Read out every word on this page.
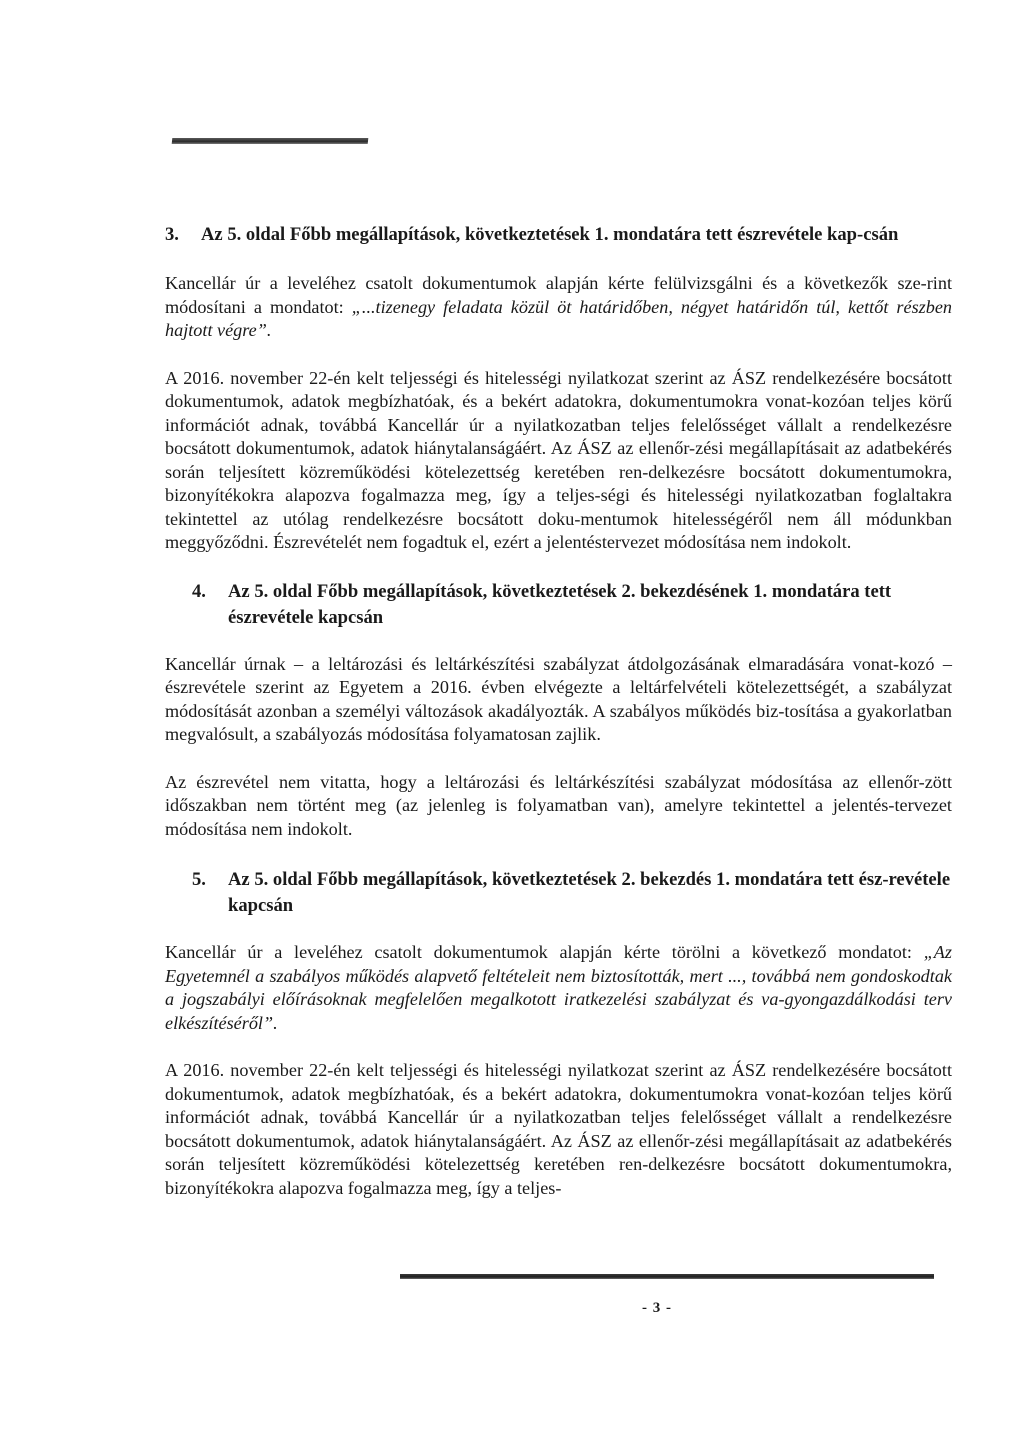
3.	Az 5. oldal Főbb megállapítások, következtetések 1. mondatára tett észrevétele kap-csán

Kancellár úr a leveléhez csatolt dokumentumok alapján kérte felülvizsgálni és a következők sze-rint módosítani a mondatot: „...tizenegy feladata közül öt határidőben, négyet határidőn túl, kettőt részben hajtott végre”.

A 2016. november 22-én kelt teljességi és hitelességi nyilatkozat szerint az ÁSZ rendelkezésére bocsátott dokumentumok, adatok megbízhatóak, és a bekért adatokra, dokumentumokra vonat-kozóan teljes körű információt adnak, továbbá Kancellár úr a nyilatkozatban teljes felelősséget vállalt a rendelkezésre bocsátott dokumentumok, adatok hiánytalanságáért. Az ÁSZ az ellenőr-zési megállapításait az adatbekérés során teljesített közreműködési kötelezettség keretében ren-delkezésre bocsátott dokumentumokra, bizonyítékokra alapozva fogalmazza meg, így a teljes-ségi és hitelességi nyilatkozatban foglaltakra tekintettel az utólag rendelkezésre bocsátott doku-mentumok hitelességéről nem áll módunkban meggyőződni. Észrevételét nem fogadtuk el, ezért a jelentéstervezet módosítása nem indokolt.

4.	Az 5. oldal Főbb megállapítások, következtetések 2. bekezdésének 1. mondatára tett észrevétele kapcsán

Kancellár úrnak – a leltározási és leltárkészítési szabályzat átdolgozásának elmaradására vonat-kozó – észrevétele szerint az Egyetem a 2016. évben elvégezte a leltárfelvételi kötelezettségét, a szabályzat módosítását azonban a személyi változások akadályozták. A szabályos működés biz-tosítása a gyakorlatban megvalósult, a szabályozás módosítása folyamatosan zajlik.

Az észrevétel nem vitatta, hogy a leltározási és leltárkészítési szabályzat módosítása az ellenőr-zött időszakban nem történt meg (az jelenleg is folyamatban van), amelyre tekintettel a jelentés-tervezet módosítása nem indokolt.

5.	Az 5. oldal Főbb megállapítások, következtetések 2. bekezdés 1. mondatára tett ész-revétele kapcsán

Kancellár úr a leveléhez csatolt dokumentumok alapján kérte törölni a következő mondatot: „Az Egyetemnél a szabályos működés alapvető feltételeit nem biztosították, mert ..., továbbá nem gondoskodtak a jogszabályi előírásoknak megfelelően megalkotott iratkezelési szabályzat és va-gyongazdálkodási terv elkészítéséről”.

A 2016. november 22-én kelt teljességi és hitelességi nyilatkozat szerint az ÁSZ rendelkezésére bocsátott dokumentumok, adatok megbízhatóak, és a bekért adatokra, dokumentumokra vonat-kozóan teljes körű információt adnak, továbbá Kancellár úr a nyilatkozatban teljes felelősséget vállalt a rendelkezésre bocsátott dokumentumok, adatok hiánytalanságáért. Az ÁSZ az ellenőr-zési megállapításait az adatbekérés során teljesített közreműködési kötelezettség keretében ren-delkezésre bocsátott dokumentumokra, bizonyítékokra alapozva fogalmazza meg, így a teljes-

- 3 -
